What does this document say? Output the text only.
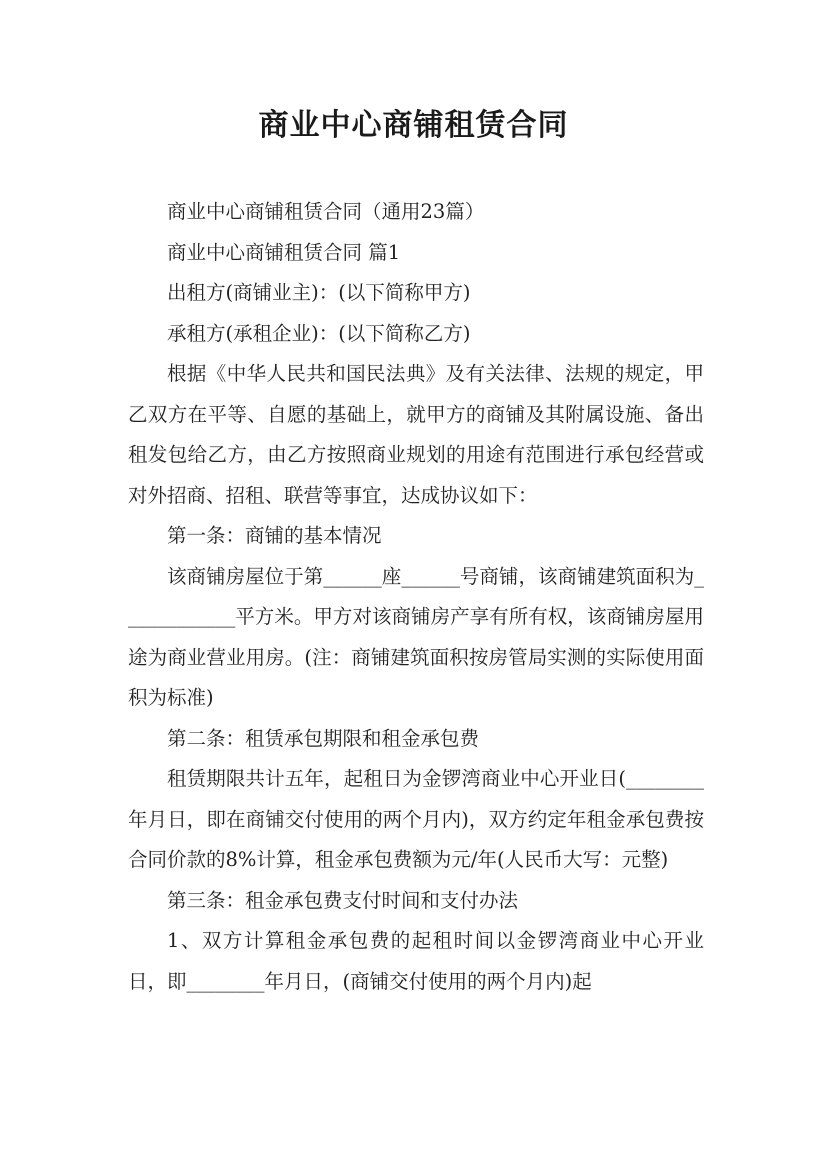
商业中心商铺租赁合同

商业中心商铺租赁合同（通用23篇）

商业中心商铺租赁合同 篇1

出租方(商铺业主)：(以下简称甲方)

承租方(承租企业)：(以下简称乙方)

根据《中华人民共和国民法典》及有关法律、法规的规定，甲乙双方在平等、自愿的基础上，就甲方的商铺及其附属设施、备出租发包给乙方，由乙方按照商业规划的用途有范围进行承包经营或对外招商、招租、联营等事宜，达成协议如下：

第一条：商铺的基本情况

该商铺房屋位于第______座______号商铺，该商铺建筑面积为____________平方米。甲方对该商铺房产享有所有权，该商铺房屋用途为商业营业用房。(注：商铺建筑面积按房管局实测的实际使用面积为标准)

第二条：租赁承包期限和租金承包费

租赁期限共计五年，起租日为金锣湾商业中心开业日(________年月日，即在商铺交付使用的两个月内)，双方约定年租金承包费按合同价款的8%计算，租金承包费额为元/年(人民币大写：元整)

第三条：租金承包费支付时间和支付办法

1、双方计算租金承包费的起租时间以金锣湾商业中心开业日，即________年月日，(商铺交付使用的两个月内)起
